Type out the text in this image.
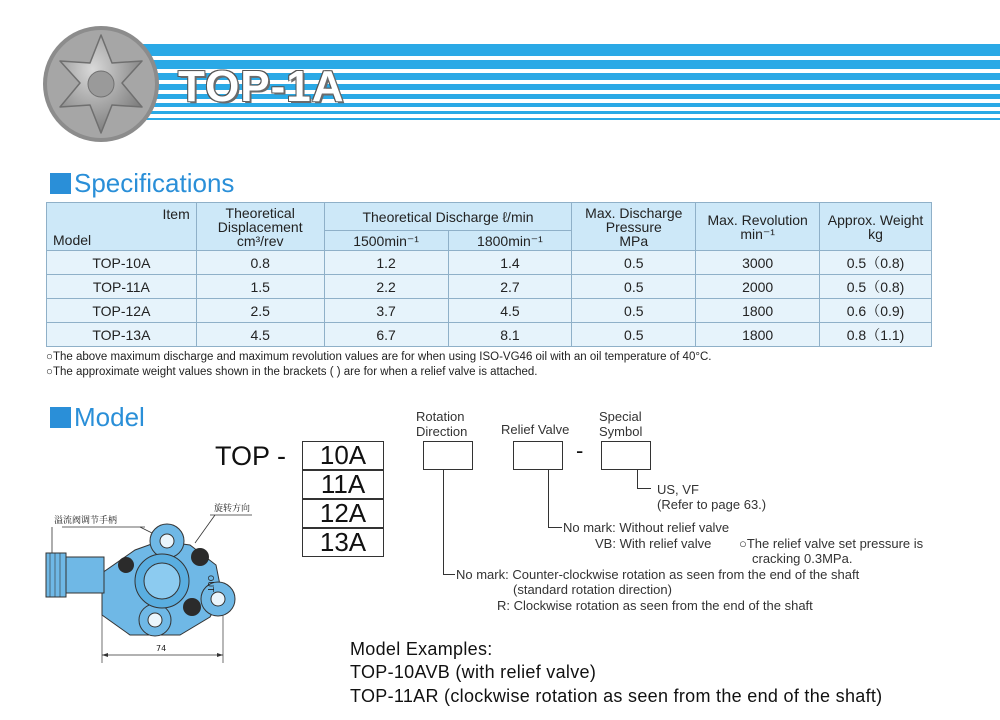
TOP-1A
Specifications
Item
Model	Theoretical
Displacement
cm³/rev	Theoretical Discharge ℓ/min		Max. Discharge
Pressure
MPa	Max. Revolution
min⁻¹	Approx. Weight
kg
		1500min⁻¹	1800min⁻¹			
TOP-10A	0.8	1.2	1.4	0.5	3000	0.5（0.8)
TOP-11A	1.5	2.2	2.7	0.5	2000	0.5（0.8)
TOP-12A	2.5	3.7	4.5	0.5	1800	0.6（0.9)
TOP-13A	4.5	6.7	8.1	0.5	1800	0.8（1.1)
○The above maximum discharge and maximum revolution values are for when using ISO-VG46 oil with an oil temperature of 40°C.
○The approximate weight values shown in the brackets ( ) are for when a relief valve is attached.
Model	Rotation
Direction	Relief Valve
Special
Symbol
TOP -	10A
11A
12A
13A
-
US, VF
(Refer to page 63.)
No mark: Without relief valve
VB: With relief valve ○The relief valve set pressure is
cracking 0.3MPa.
No mark: Counter-clockwise rotation as seen from the end of the shaft
(standard rotation direction)
R: Clockwise rotation as seen from the end of the shaft
溢流阀调节手柄
旋转方向
OUT
74	Model Examples:
TOP-10AVB (with relief valve)
TOP-11AR (clockwise rotation as seen from the end of the shaft)
